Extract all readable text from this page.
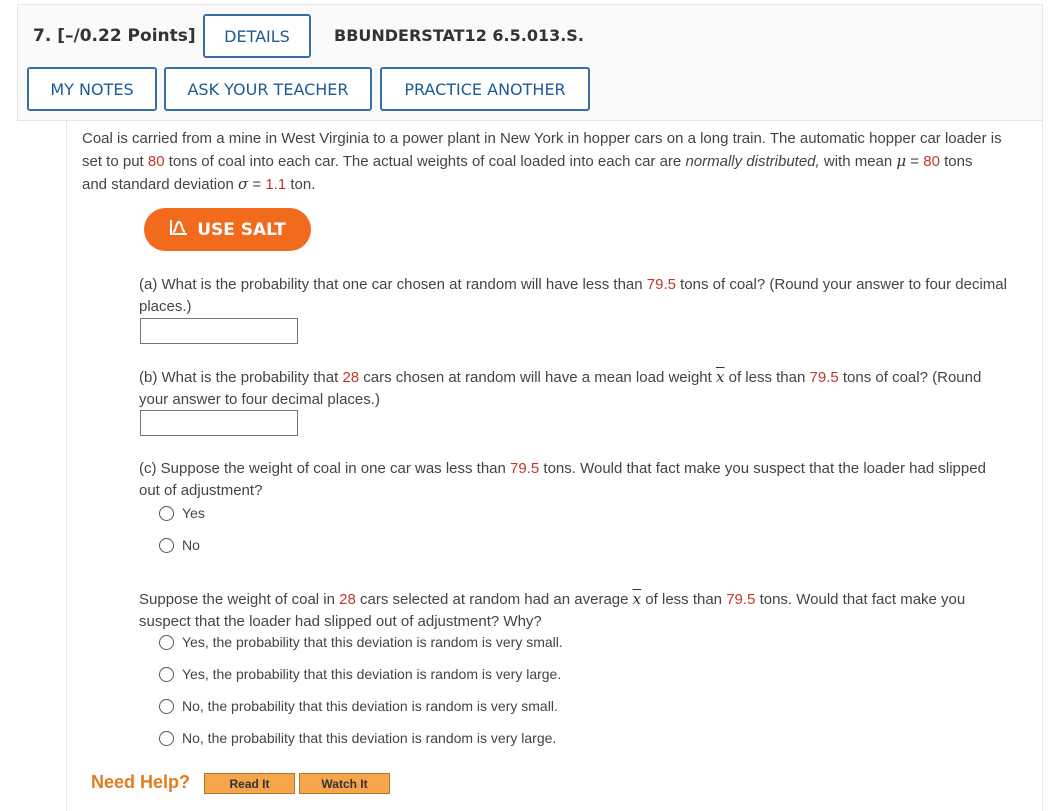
7. [–/0.22 Points]	DETAILS	BBUNDERSTAT12 6.5.013.S.
MY NOTES	ASK YOUR TEACHER	PRACTICE ANOTHER
Coal is carried from a mine in West Virginia to a power plant in New York in hopper cars on a long train. The automatic hopper car loader is
set to put 80 tons of coal into each car. The actual weights of coal loaded into each car are normally distributed, with mean μ = 80 tons
and standard deviation σ = 1.1 ton.
USE SALT
(a) What is the probability that one car chosen at random will have less than 79.5 tons of coal? (Round your answer to four decimal
places.)
(b) What is the probability that 28 cars chosen at random will have a mean load weight $\overline{x}$ of less than 79.5 tons of coal? (Round
your answer to four decimal places.)
(c) Suppose the weight of coal in one car was less than 79.5 tons. Would that fact make you suspect that the loader had slipped
out of adjustment?
Yes
No
Suppose the weight of coal in 28 cars selected at random had an average $\overline{x}$ of less than 79.5 tons. Would that fact make you
suspect that the loader had slipped out of adjustment? Why?
Yes, the probability that this deviation is random is very small.
Yes, the probability that this deviation is random is very large.
No, the probability that this deviation is random is very small.
No, the probability that this deviation is random is very large.
Need Help?	Read It	Watch It
